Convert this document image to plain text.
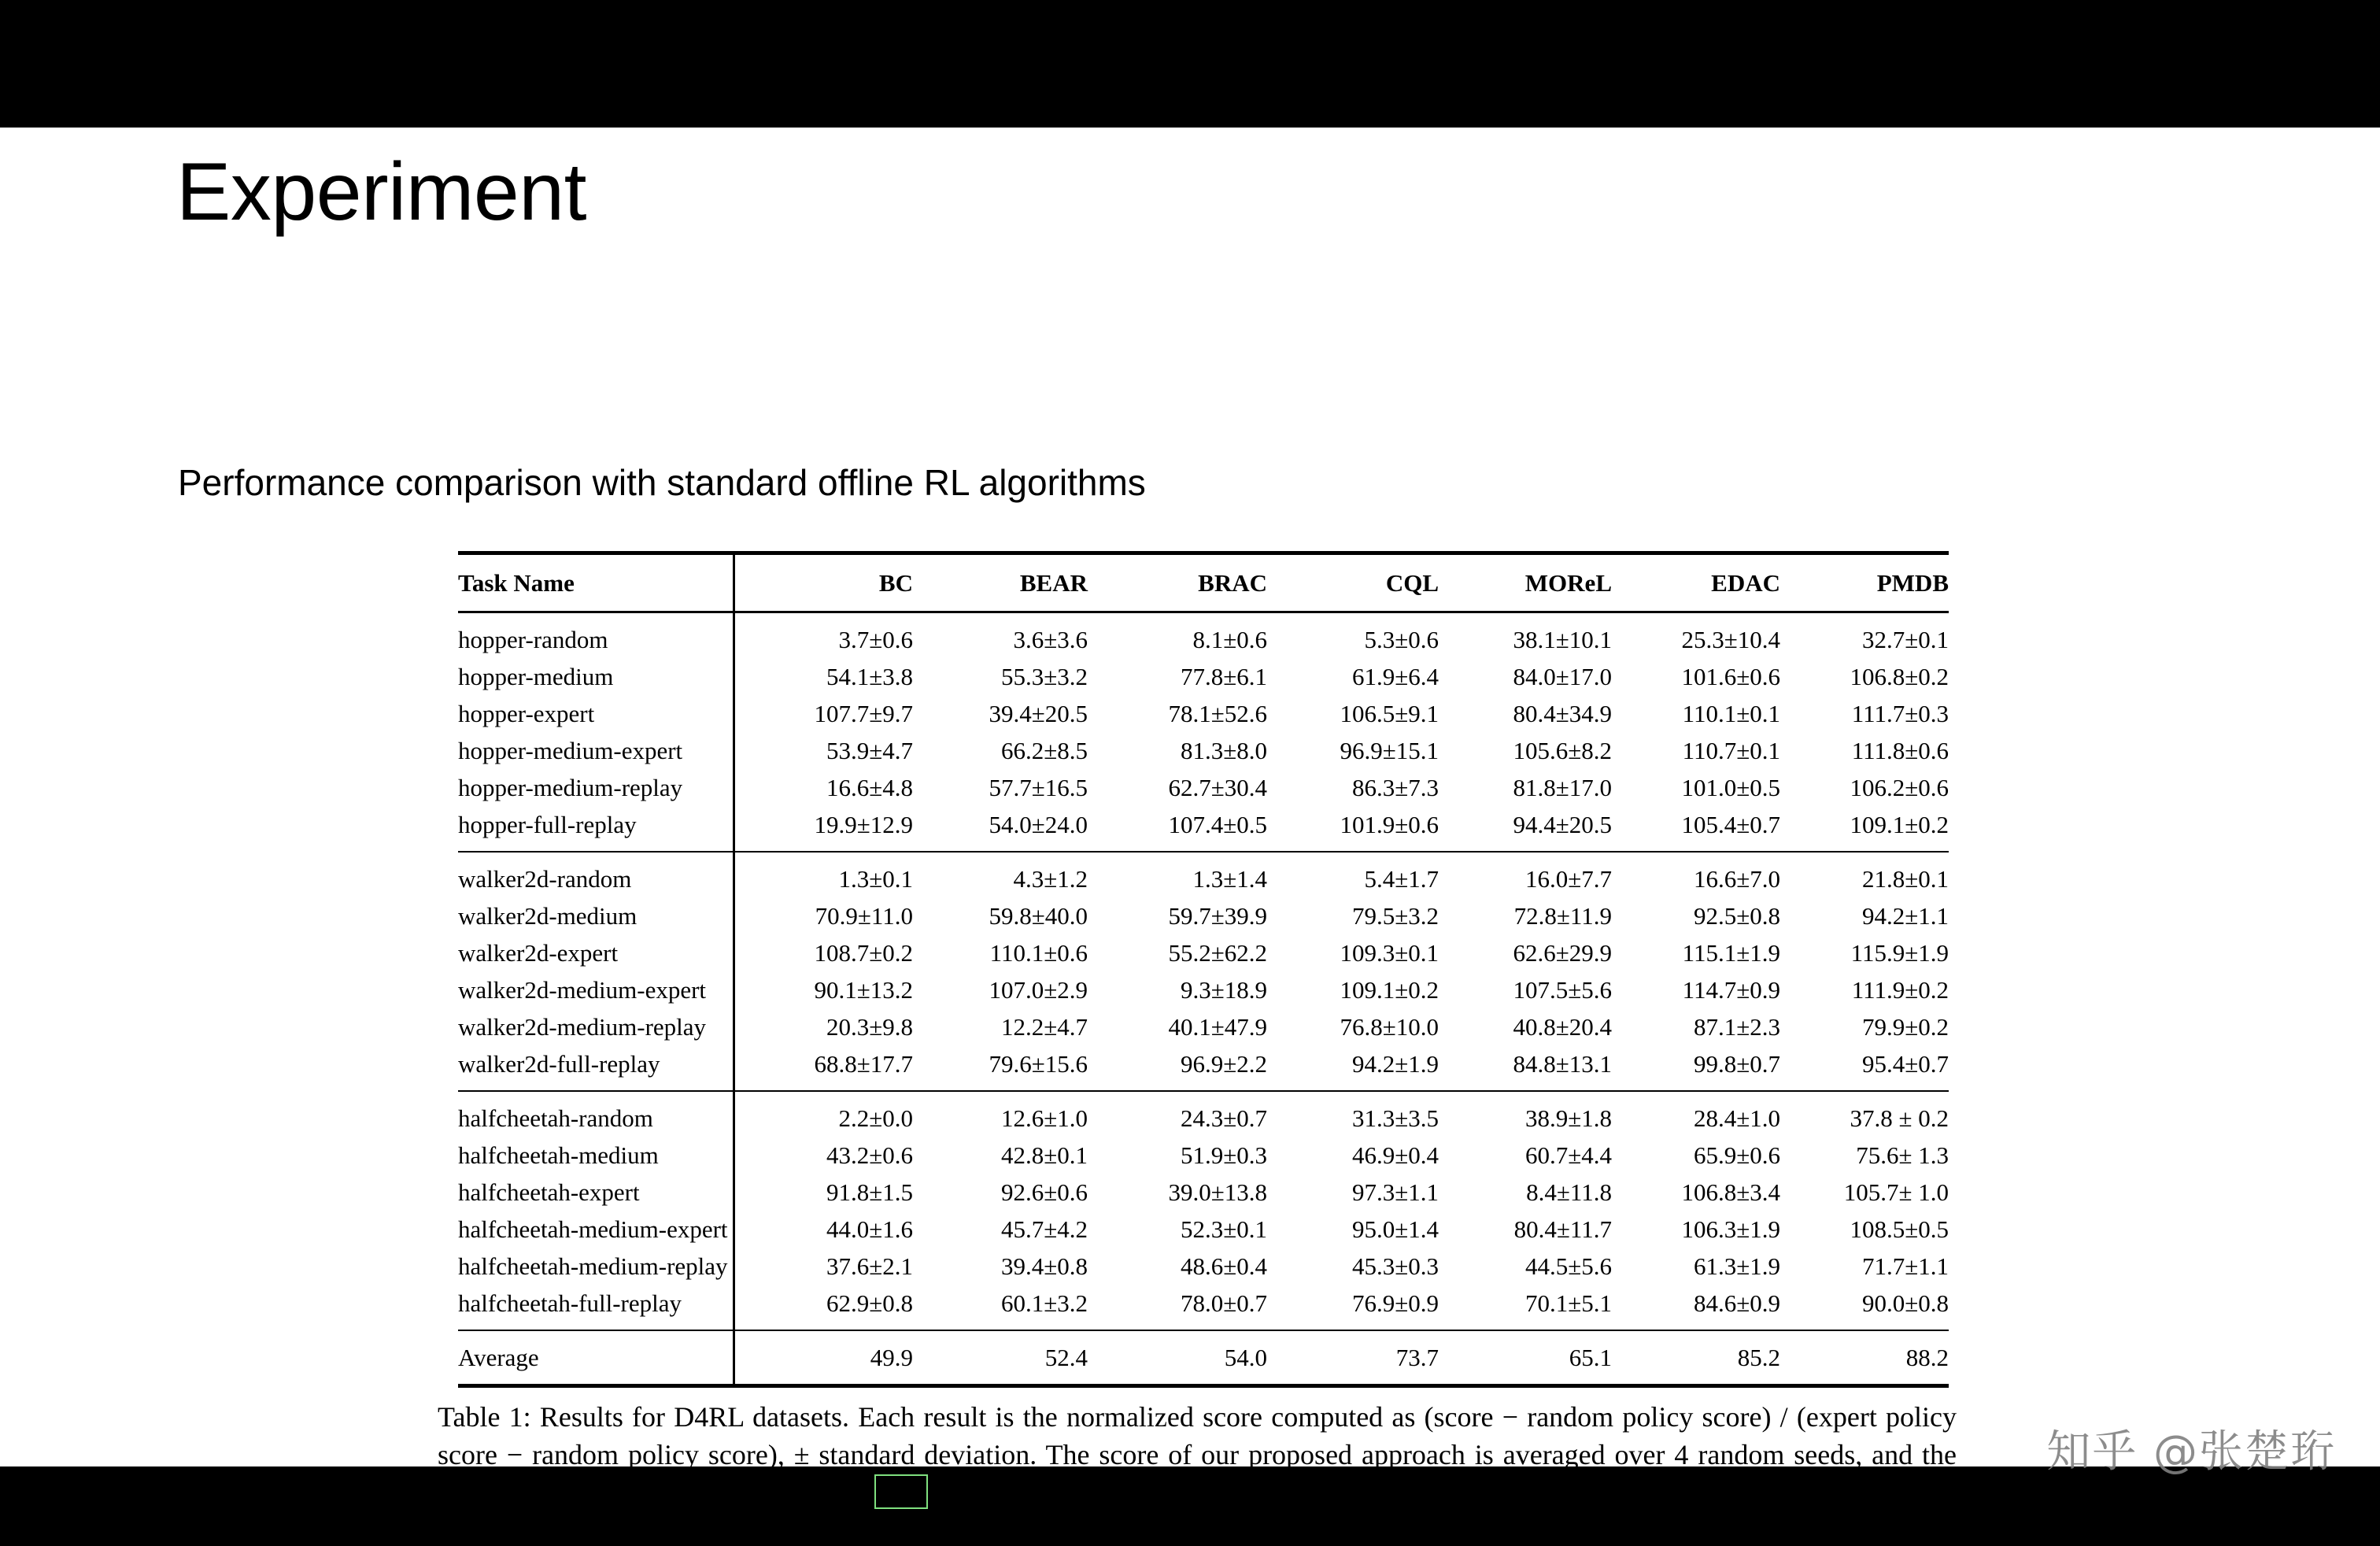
Experiment
Performance comparison with standard offline RL algorithms

Task Name	BC	BEAR	BRAC	CQL	MOReL	EDAC	PMDB

hopper-random	3.7±0.6	3.6±3.6	8.1±0.6	5.3±0.6	38.1±10.1	25.3±10.4	32.7±0.1
hopper-medium	54.1±3.8	55.3±3.2	77.8±6.1	61.9±6.4	84.0±17.0	101.6±0.6	106.8±0.2
hopper-expert	107.7±9.7	39.4±20.5	78.1±52.6	106.5±9.1	80.4±34.9	110.1±0.1	111.7±0.3
hopper-medium-expert	53.9±4.7	66.2±8.5	81.3±8.0	96.9±15.1	105.6±8.2	110.7±0.1	111.8±0.6
hopper-medium-replay	16.6±4.8	57.7±16.5	62.7±30.4	86.3±7.3	81.8±17.0	101.0±0.5	106.2±0.6
hopper-full-replay	19.9±12.9	54.0±24.0	107.4±0.5	101.9±0.6	94.4±20.5	105.4±0.7	109.1±0.2

walker2d-random	1.3±0.1	4.3±1.2	1.3±1.4	5.4±1.7	16.0±7.7	16.6±7.0	21.8±0.1
walker2d-medium	70.9±11.0	59.8±40.0	59.7±39.9	79.5±3.2	72.8±11.9	92.5±0.8	94.2±1.1
walker2d-expert	108.7±0.2	110.1±0.6	55.2±62.2	109.3±0.1	62.6±29.9	115.1±1.9	115.9±1.9
walker2d-medium-expert	90.1±13.2	107.0±2.9	9.3±18.9	109.1±0.2	107.5±5.6	114.7±0.9	111.9±0.2
walker2d-medium-replay	20.3±9.8	12.2±4.7	40.1±47.9	76.8±10.0	40.8±20.4	87.1±2.3	79.9±0.2
walker2d-full-replay	68.8±17.7	79.6±15.6	96.9±2.2	94.2±1.9	84.8±13.1	99.8±0.7	95.4±0.7

halfcheetah-random	2.2±0.0	12.6±1.0	24.3±0.7	31.3±3.5	38.9±1.8	28.4±1.0	37.8 ± 0.2
halfcheetah-medium	43.2±0.6	42.8±0.1	51.9±0.3	46.9±0.4	60.7±4.4	65.9±0.6	75.6± 1.3
halfcheetah-expert	91.8±1.5	92.6±0.6	39.0±13.8	97.3±1.1	8.4±11.8	106.8±3.4	105.7± 1.0
halfcheetah-medium-expert	44.0±1.6	45.7±4.2	52.3±0.1	95.0±1.4	80.4±11.7	106.3±1.9	108.5±0.5
halfcheetah-medium-replay	37.6±2.1	39.4±0.8	48.6±0.4	45.3±0.3	44.5±5.6	61.3±1.9	71.7±1.1
halfcheetah-full-replay	62.9±0.8	60.1±3.2	78.0±0.7	76.9±0.9	70.1±5.1	84.6±0.9	90.0±0.8

Average	49.9	52.4	54.0	73.7	65.1	85.2	88.2

Table 1: Results for D4RL datasets. Each result is the normalized score computed as (score − random policy score) / (expert policy score − random policy score), ± standard deviation. The score of our proposed approach is averaged over 4 random seeds, and the results of the baselines are taken from [13] .
知乎 @张楚珩
